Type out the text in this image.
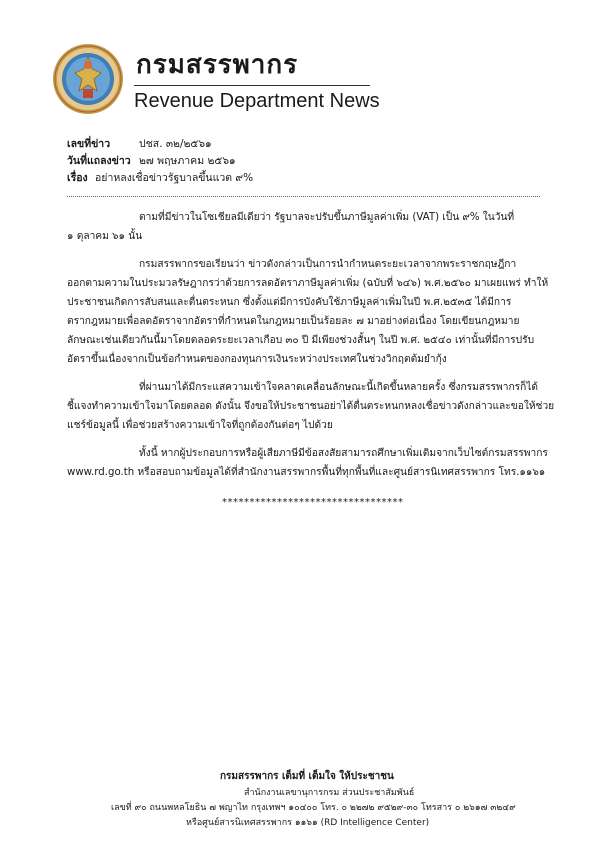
กรมสรรพากร
Revenue Department News
เลขที่ข่าว	ปชส. ๓๒/๒๕๖๑
วันที่แถลงข่าว ๒๗ พฤษภาคม ๒๕๖๑
เรื่อง อย่าหลงเชื่อข่าวรัฐบาลขึ้นแวต ๙%
ตามที่มีข่าวในโซเชียลมีเดียว่า รัฐบาลจะปรับขึ้นภาษีมูลค่าเพิ่ม (VAT) เป็น ๙% ในวันที่
๑ ตุลาคม ๖๑ นั้น
กรมสรรพากรขอเรียนว่า ข่าวดังกล่าวเป็นการนำกำหนดระยะเวลาจากพระราชกฤษฎีกา
ออกตามความในประมวลรัษฎากรว่าด้วยการลดอัตราภาษีมูลค่าเพิ่ม (ฉบับที่ ๖๔๖) พ.ศ.๒๕๖๐ มาเผยแพร่ ทำให้
ประชาชนเกิดการสับสนและตื่นตระหนก ซึ่งตั้งแต่มีการบังคับใช้ภาษีมูลค่าเพิ่มในปี พ.ศ.๒๕๓๕ ได้มีการ
ตรากฎหมายเพื่อลดอัตราจากอัตราที่กำหนดในกฎหมายเป็นร้อยละ ๗ มาอย่างต่อเนื่อง โดยเขียนกฎหมาย
ลักษณะเช่นเดียวกันนี้มาโดยตลอดระยะเวลาเกือบ ๓๐ ปี มีเพียงช่วงสั้นๆ ในปี พ.ศ. ๒๕๔๐ เท่านั้นที่มีการปรับ
อัตราขึ้นเนื่องจากเป็นข้อกำหนดของกองทุนการเงินระหว่างประเทศในช่วงวิกฤตต้มยำกุ้ง
ที่ผ่านมาได้มีกระแสความเข้าใจคลาดเคลื่อนลักษณะนี้เกิดขึ้นหลายครั้ง ซึ่งกรมสรรพากรก็ได้
ชี้แจงทำความเข้าใจมาโดยตลอด ดังนั้น จึงขอให้ประชาชนอย่าได้ตื่นตระหนกหลงเชื่อข่าวดังกล่าวและขอให้ช่วย
แชร์ข้อมูลนี้ เพื่อช่วยสร้างความเข้าใจที่ถูกต้องกันต่อๆ ไปด้วย
ทั้งนี้ หากผู้ประกอบการหรือผู้เสียภาษีมีข้อสงสัยสามารถศึกษาเพิ่มเติมจากเว็บไซต์กรมสรรพากร
www.rd.go.th หรือสอบถามข้อมูลได้ที่สำนักงานสรรพากรพื้นที่ทุกพื้นที่และศูนย์สารนิเทศสรรพากร โทร.๑๑๖๑
*********************************
กรมสรรพากร เต็มที่ เต็มใจ ให้ประชาชน
สำนักงานเลขานุการกรม ส่วนประชาสัมพันธ์
เลขที่ ๙๐ ถนนพหลโยธิน ๗ พญาไท กรุงเทพฯ ๑๐๔๐๐ โทร. ๐ ๒๒๗๒ ๙๕๒๙-๓๐ โทรสาร ๐ ๒๖๑๗ ๓๒๔๙
หรือศูนย์สารนิเทศสรรพากร ๑๑๖๑ (RD Intelligence Center)
